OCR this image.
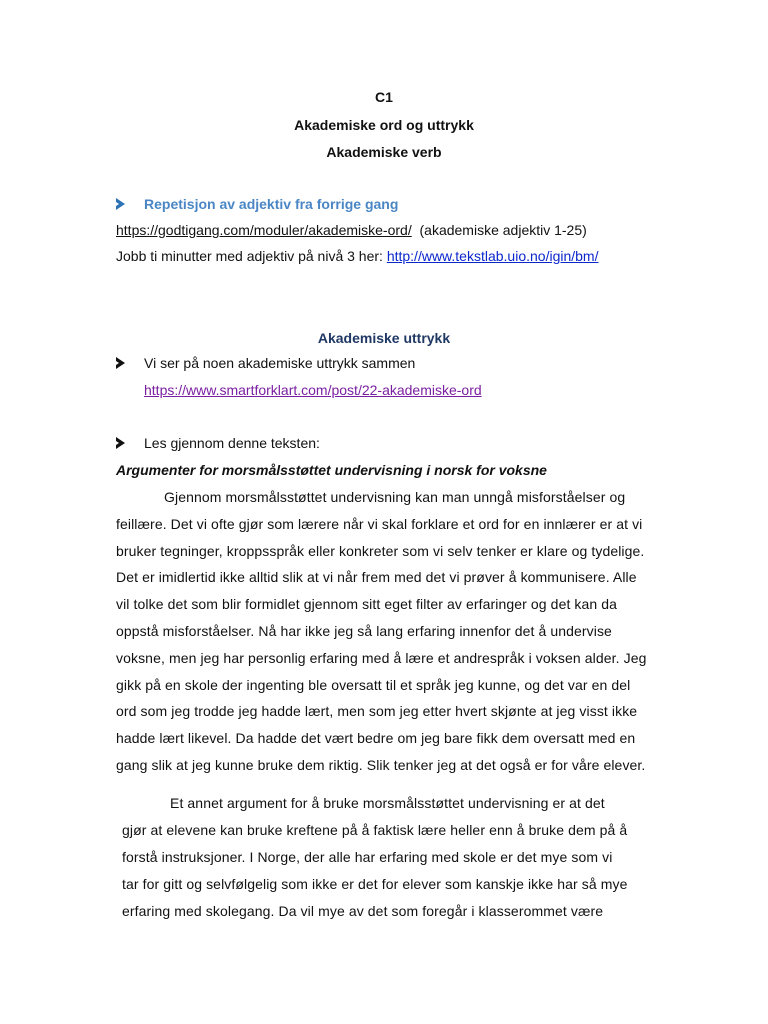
C1
Akademiske ord og uttrykk
Akademiske verb
Repetisjon av adjektiv fra forrige gang
https://godtigang.com/moduler/akademiske-ord/ (akademiske adjektiv 1-25)
Jobb ti minutter med adjektiv på nivå 3 her: http://www.tekstlab.uio.no/igin/bm/
Akademiske uttrykk
Vi ser på noen akademiske uttrykk sammen
https://www.smartforklart.com/post/22-akademiske-ord
Les gjennom denne teksten:
Argumenter for morsmålsstøttet undervisning i norsk for voksne
Gjennom morsmålsstøttet undervisning kan man unngå misforståelser og
feillære. Det vi ofte gjør som lærere når vi skal forklare et ord for en innlærer er at vi
bruker tegninger, kroppsspråk eller konkreter som vi selv tenker er klare og tydelige.
Det er imidlertid ikke alltid slik at vi når frem med det vi prøver å kommunisere. Alle
vil tolke det som blir formidlet gjennom sitt eget filter av erfaringer og det kan da
oppstå misforståelser. Nå har ikke jeg så lang erfaring innenfor det å undervise
voksne, men jeg har personlig erfaring med å lære et andrespråk i voksen alder. Jeg
gikk på en skole der ingenting ble oversatt til et språk jeg kunne, og det var en del
ord som jeg trodde jeg hadde lært, men som jeg etter hvert skjønte at jeg visst ikke
hadde lært likevel. Da hadde det vært bedre om jeg bare fikk dem oversatt med en
gang slik at jeg kunne bruke dem riktig. Slik tenker jeg at det også er for våre elever.
Et annet argument for å bruke morsmålsstøttet undervisning er at det
gjør at elevene kan bruke kreftene på å faktisk lære heller enn å bruke dem på å
forstå instruksjoner. I Norge, der alle har erfaring med skole er det mye som vi
tar for gitt og selvfølgelig som ikke er det for elever som kanskje ikke har så mye
erfaring med skolegang. Da vil mye av det som foregår i klasserommet være
